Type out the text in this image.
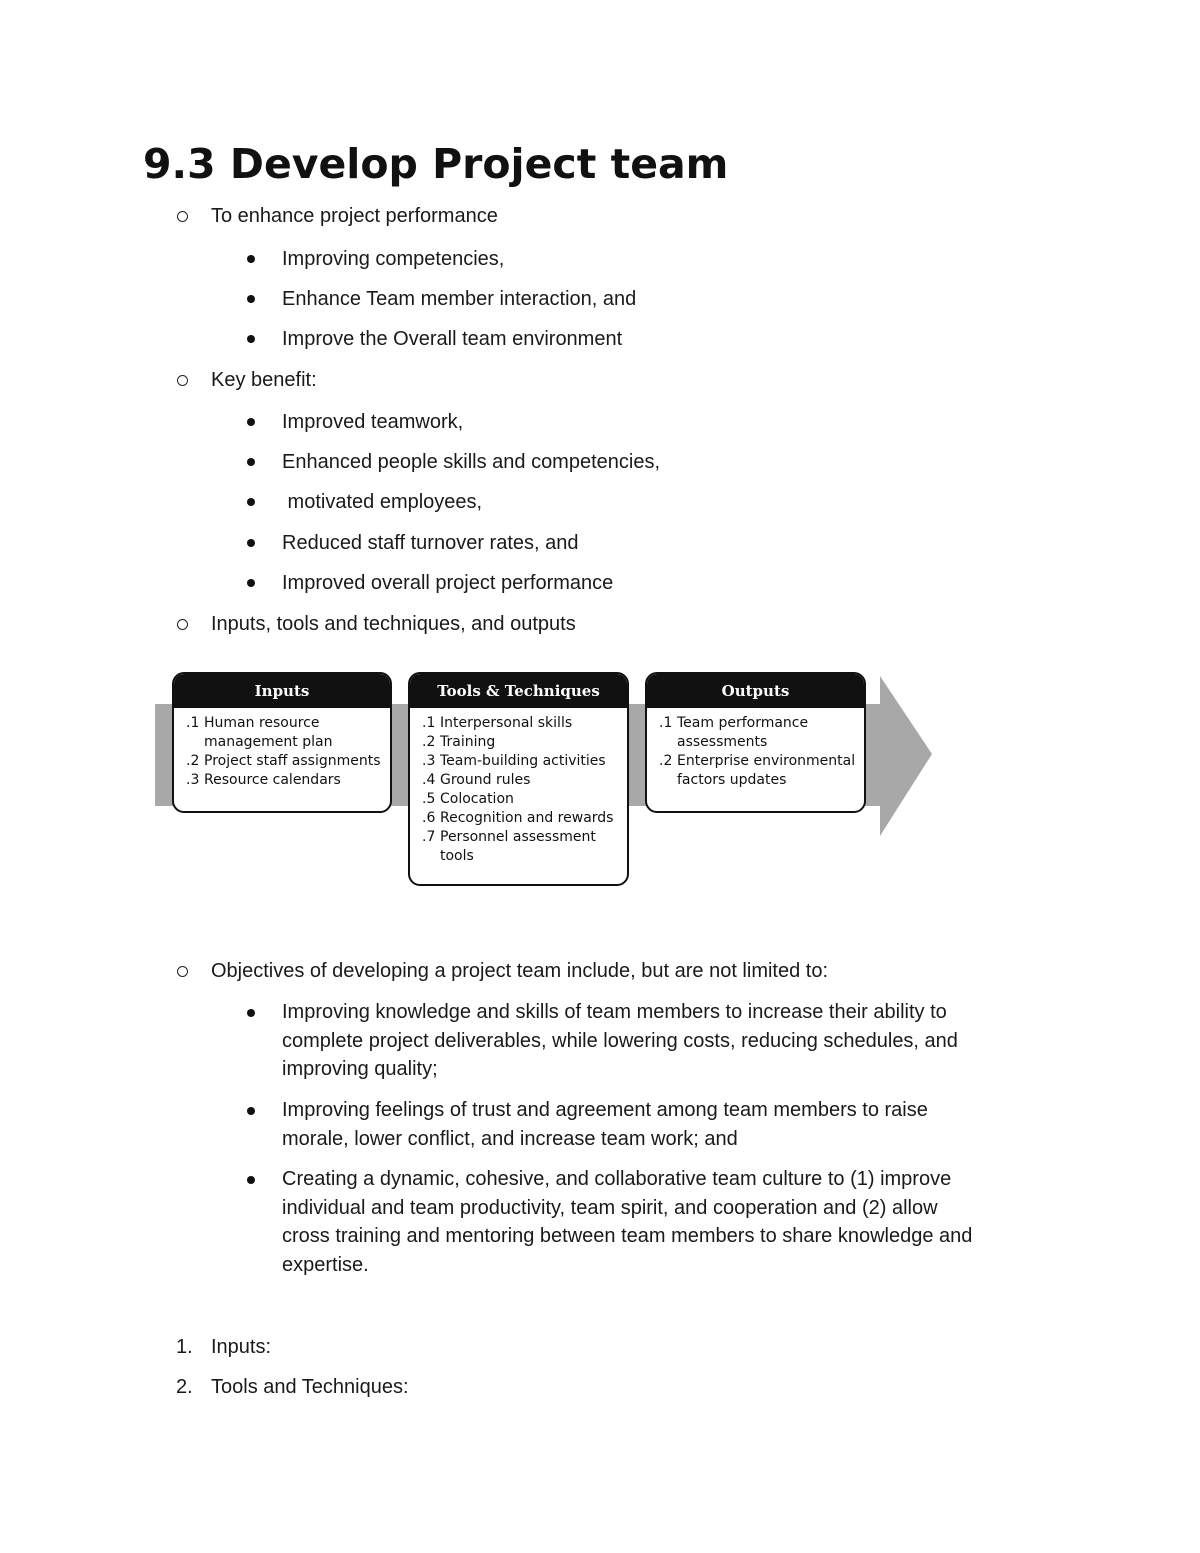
9.3 Develop Project team
To enhance project performance
Improving competencies,
Enhance Team member interaction, and
Improve the Overall team environment
Key benefit:
Improved teamwork,
Enhanced people skills and competencies,
motivated employees,
Reduced staff turnover rates, and
Improved overall project performance
Inputs, tools and techniques, and outputs
Inputs
.1 Human resource management plan
.2 Project staff assignments
.3 Resource calendars
Tools & Techniques
.1 Interpersonal skills
.2 Training
.3 Team-building activities
.4 Ground rules
.5 Colocation
.6 Recognition and rewards
.7 Personnel assessment tools
Outputs
.1 Team performance assessments
.2 Enterprise environmental factors updates
Objectives of developing a project team include, but are not limited to:
Improving knowledge and skills of team members to increase their ability to
complete project deliverables, while lowering costs, reducing schedules, and
improving quality;
Improving feelings of trust and agreement among team members to raise
morale, lower conflict, and increase team work; and
Creating a dynamic, cohesive, and collaborative team culture to (1) improve
individual and team productivity, team spirit, and cooperation and (2) allow
cross training and mentoring between team members to share knowledge and
expertise.
1. Inputs:
2. Tools and Techniques:
